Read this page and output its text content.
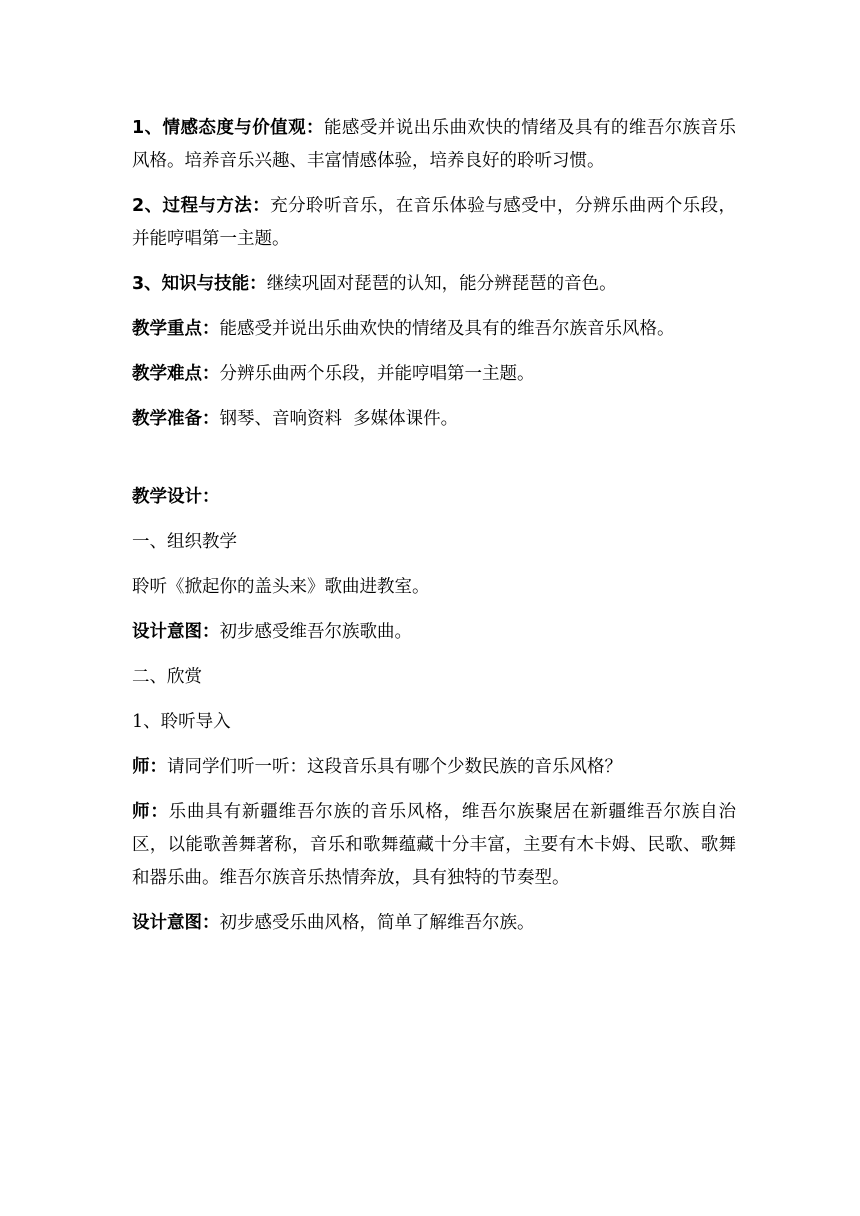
1、情感态度与价值观：能感受并说出乐曲欢快的情绪及具有的维吾尔族音乐风格。培养音乐兴趣、丰富情感体验，培养良好的聆听习惯。

2、过程与方法：充分聆听音乐，在音乐体验与感受中，分辨乐曲两个乐段，并能哼唱第一主题。

3、知识与技能：继续巩固对琵琶的认知，能分辨琵琶的音色。

教学重点：能感受并说出乐曲欢快的情绪及具有的维吾尔族音乐风格。

教学难点：分辨乐曲两个乐段，并能哼唱第一主题。

教学准备：钢琴、音响资料  多媒体课件。

教学设计：

一、组织教学

聆听《掀起你的盖头来》歌曲进教室。

设计意图：初步感受维吾尔族歌曲。

二、欣赏

1、聆听导入

师：请同学们听一听：这段音乐具有哪个少数民族的音乐风格？

师：乐曲具有新疆维吾尔族的音乐风格，维吾尔族聚居在新疆维吾尔族自治区，以能歌善舞著称，音乐和歌舞蕴藏十分丰富，主要有木卡姆、民歌、歌舞和器乐曲。维吾尔族音乐热情奔放，具有独特的节奏型。

设计意图：初步感受乐曲风格，简单了解维吾尔族。
